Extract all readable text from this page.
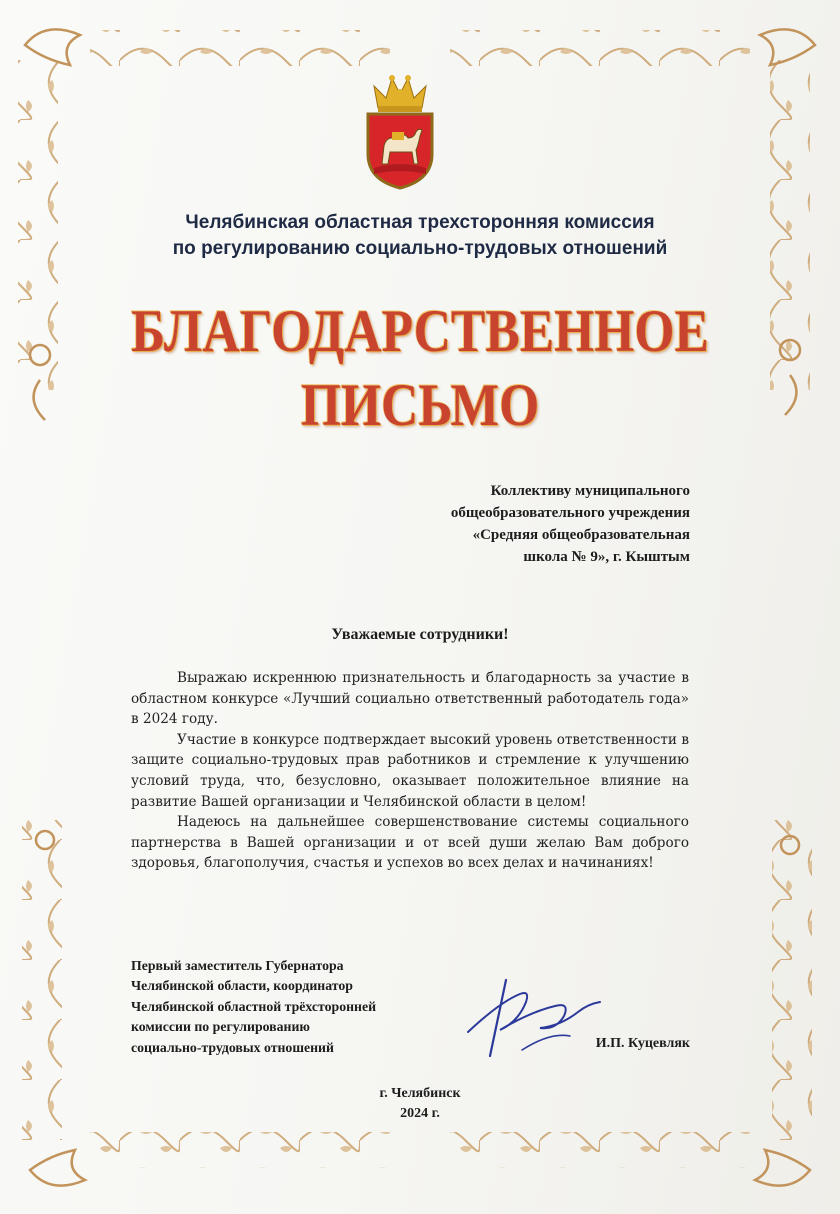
Челябинская областная трехсторонняя комиссия
по регулированию социально-трудовых отношений
БЛАГОДАРСТВЕННОЕ
ПИСЬМО
Коллективу муниципального
общеобразовательного учреждения
«Средняя общеобразовательная
школа № 9», г. Кыштым
Уважаемые сотрудники!

Выражаю искреннюю признательность и благодарность за участие в областном конкурсе «Лучший социально ответственный работодатель года» в 2024 году.

Участие в конкурсе подтверждает высокий уровень ответственности в защите социально-трудовых прав работников и стремление к улучшению условий труда, что, безусловно, оказывает положительное влияние на развитие Вашей организации и Челябинской области в целом!

Надеюсь на дальнейшее совершенствование системы социального партнерства в Вашей организации и от всей души желаю Вам доброго здоровья, благополучия, счастья и успехов во всех делах и начинаниях!

Первый заместитель Губернатора
Челябинской области, координатор
Челябинской областной трёхсторонней
комиссии по регулированию
социально-трудовых отношений	И.П. Куцевляк
г. Челябинск
2024 г.
